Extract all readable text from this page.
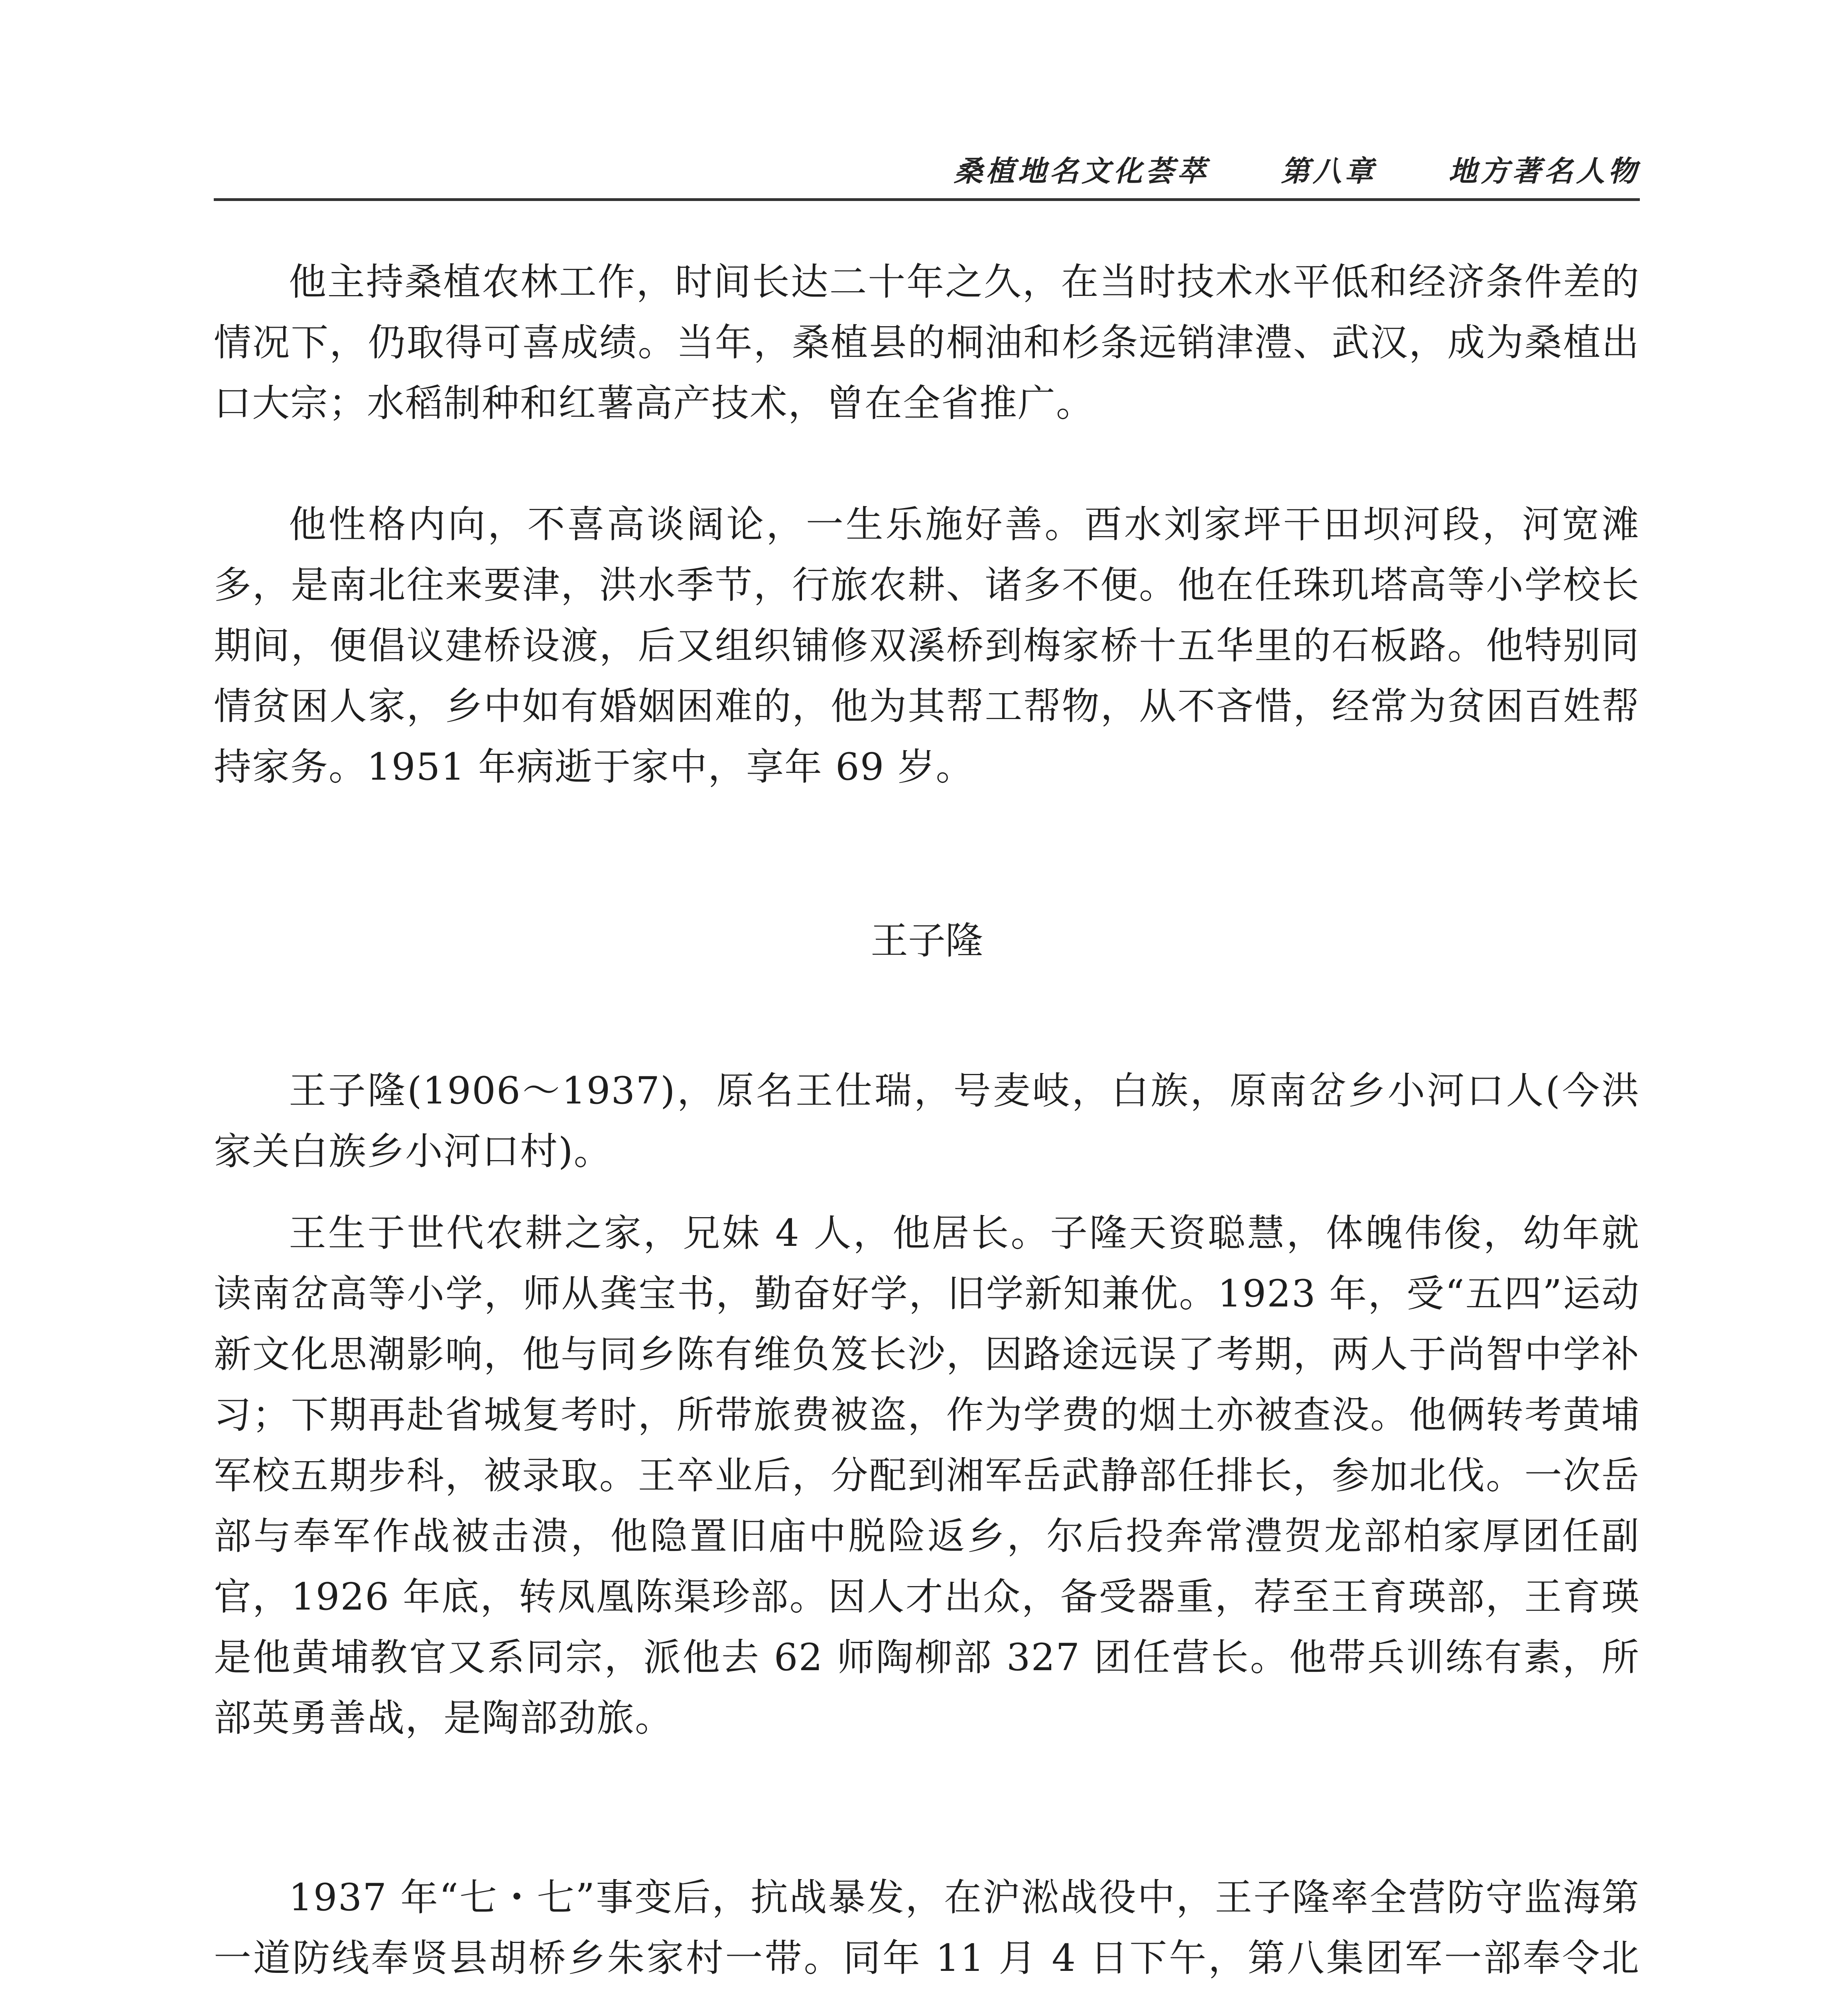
桑植地名文化荟萃	第八章	地方著名人物

他主持桑植农林工作，时间长达二十年之久，在当时技术水平低和经济条件差的情况下，仍取得可喜成绩。当年，桑植县的桐油和杉条远销津澧、武汉，成为桑植出口大宗；水稻制种和红薯高产技术，曾在全省推广。

他性格内向，不喜高谈阔论，一生乐施好善。酉水刘家坪干田坝河段，河宽滩多，是南北往来要津，洪水季节，行旅农耕、诸多不便。他在任珠玑塔高等小学校长期间，便倡议建桥设渡，后又组织铺修双溪桥到梅家桥十五华里的石板路。他特别同情贫困人家，乡中如有婚姻困难的，他为其帮工帮物，从不吝惜，经常为贫困百姓帮持家务。1951 年病逝于家中，享年 69 岁。

王子隆

王子隆(1906～1937)，原名王仕瑞，号麦岐，白族，原南岔乡小河口人(今洪家关白族乡小河口村)。

王生于世代农耕之家，兄妹 4 人，他居长。子隆天资聪慧，体魄伟俊，幼年就读南岔高等小学，师从龚宝书，勤奋好学，旧学新知兼优。1923 年，受“五四”运动新文化思潮影响，他与同乡陈有维负笈长沙，因路途远误了考期，两人于尚智中学补习；下期再赴省城复考时，所带旅费被盗，作为学费的烟土亦被查没。他俩转考黄埔军校五期步科，被录取。王卒业后，分配到湘军岳武静部任排长，参加北伐。一次岳部与奉军作战被击溃，他隐置旧庙中脱险返乡，尔后投奔常澧贺龙部柏家厚团任副官，1926 年底，转凤凰陈渠珍部。因人才出众，备受器重，荐至王育瑛部，王育瑛是他黄埔教官又系同宗，派他去 62 师陶柳部 327 团任营长。他带兵训练有素，所部英勇善战，是陶部劲旅。

1937 年“七・七”事变后，抗战暴发，在沪淞战役中，王子隆率全营防守监海第一道防线奉贤县胡桥乡朱家村一带。同年 11 月 4 日下午，第八集团军一部奉令北
